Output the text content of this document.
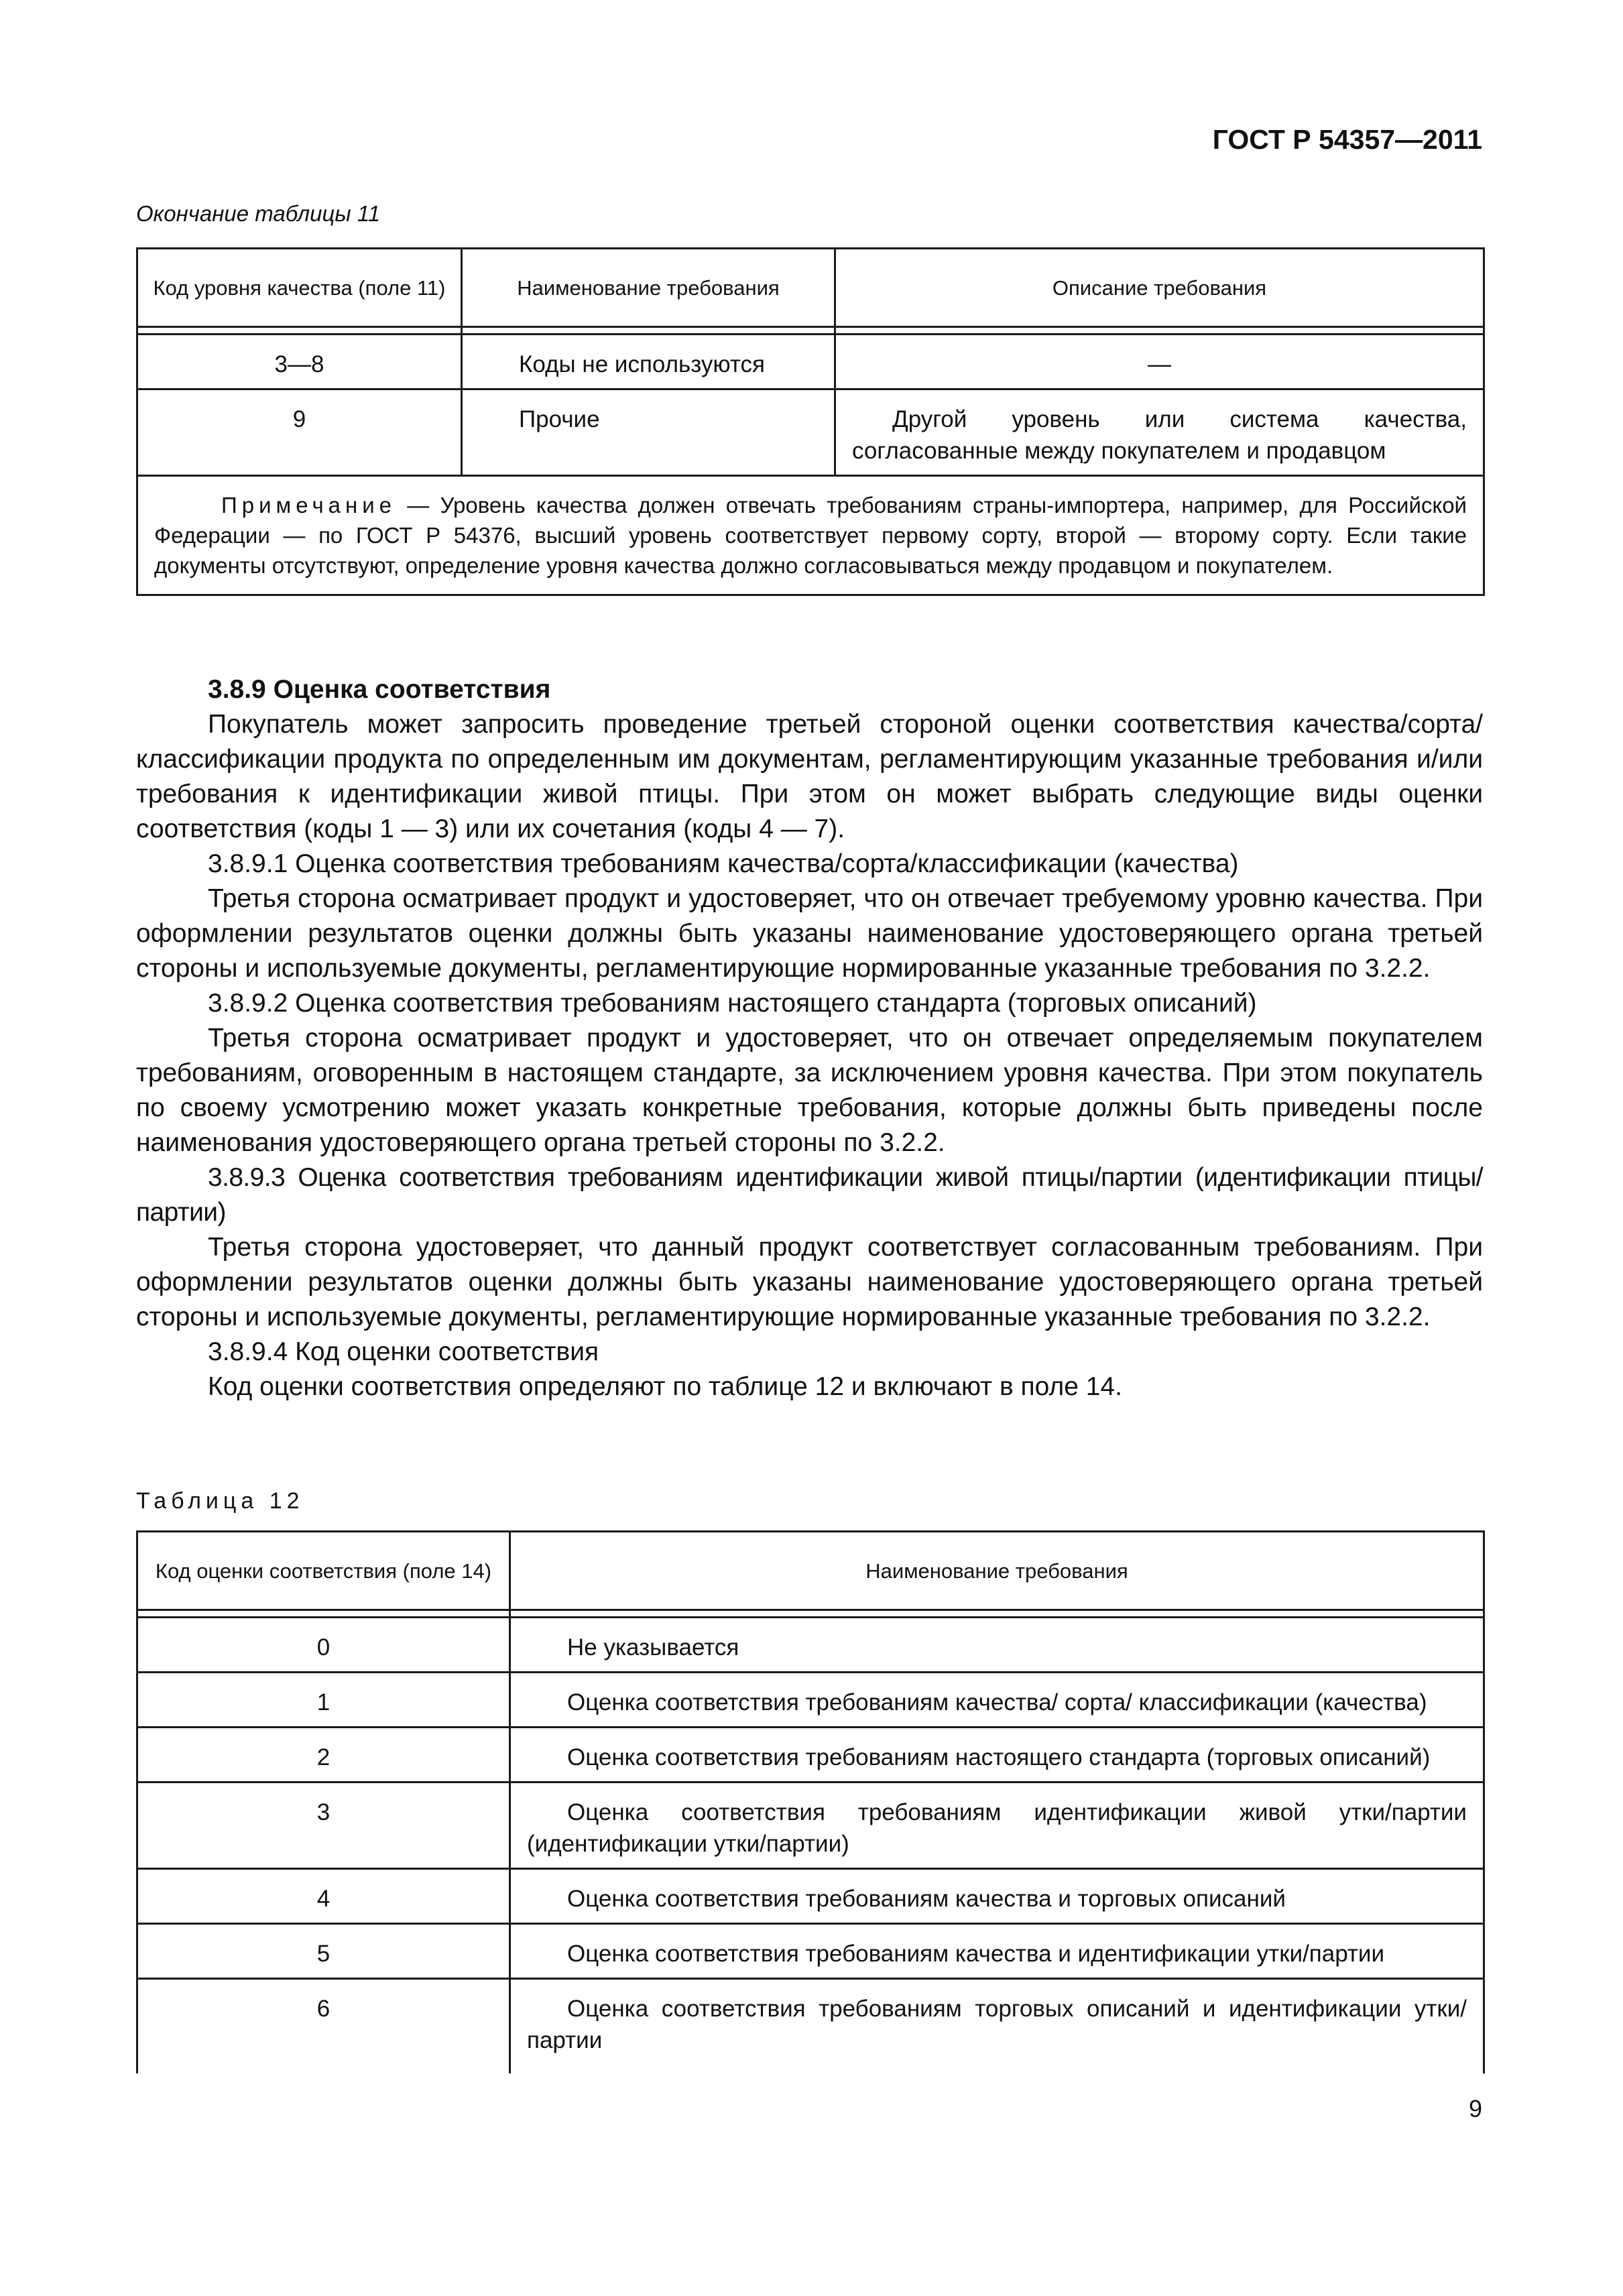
ГОСТ Р 54357—2011
Окончание таблицы 11
Код уровня качества (поле 11)	Наименование требования	Описание требования

3—8	Коды не используются	—
9	Прочие	Другой уровень или система качества, согласованные между покупателем и продавцом
Примечание — Уровень качества должен отвечать требованиям страны-импортера, например, для Российской Федерации — по ГОСТ Р 54376, высший уровень соответствует первому сорту, второй — второму сорту. Если такие документы отсутствуют, определение уровня качества должно согласовываться между продавцом и покупателем.		

3.8.9 Оценка соответствия

Покупатель может запросить проведение третьей стороной оценки соответствия качества/сорта/классификации продукта по определенным им документам, регламентирующим указанные требования и/или требования к идентификации живой птицы. При этом он может выбрать следующие виды оценки соответствия (коды 1 — 3) или их сочетания (коды 4 — 7).

3.8.9.1 Оценка соответствия требованиям качества/сорта/классификации (качества)

Третья сторона осматривает продукт и удостоверяет, что он отвечает требуемому уровню качества. При оформлении результатов оценки должны быть указаны наименование удостоверяющего органа третьей стороны и используемые документы, регламентирующие нормированные указанные требования по 3.2.2.

3.8.9.2 Оценка соответствия требованиям настоящего стандарта (торговых описаний)

Третья сторона осматривает продукт и удостоверяет, что он отвечает определяемым покупателем требованиям, оговоренным в настоящем стандарте, за исключением уровня качества. При этом покупатель по своему усмотрению может указать конкретные требования, которые должны быть приведены после наименования удостоверяющего органа третьей стороны по 3.2.2.

3.8.9.3 Оценка соответствия требованиям идентификации живой птицы/партии (идентификации птицы/партии)

Третья сторона удостоверяет, что данный продукт соответствует согласованным требованиям. При оформлении результатов оценки должны быть указаны наименование удостоверяющего органа третьей стороны и используемые документы, регламентирующие нормированные указанные требования по 3.2.2.

3.8.9.4 Код оценки соответствия

Код оценки соответствия определяют по таблице 12 и включают в поле 14.

Таблица 12
Код оценки соответствия (поле 14)	Наименование требования

0	Не указывается
1	Оценка соответствия требованиям качества/ сорта/ классификации (качества)
2	Оценка соответствия требованиям настоящего стандарта (торговых описаний)
3	Оценка соответствия требованиям идентификации живой утки/партии (идентификации утки/партии)
4	Оценка соответствия требованиям качества и торговых описаний
5	Оценка соответствия требованиям качества и идентификации утки/партии
6	Оценка соответствия требованиям торговых описаний и идентификации утки/партии
9
